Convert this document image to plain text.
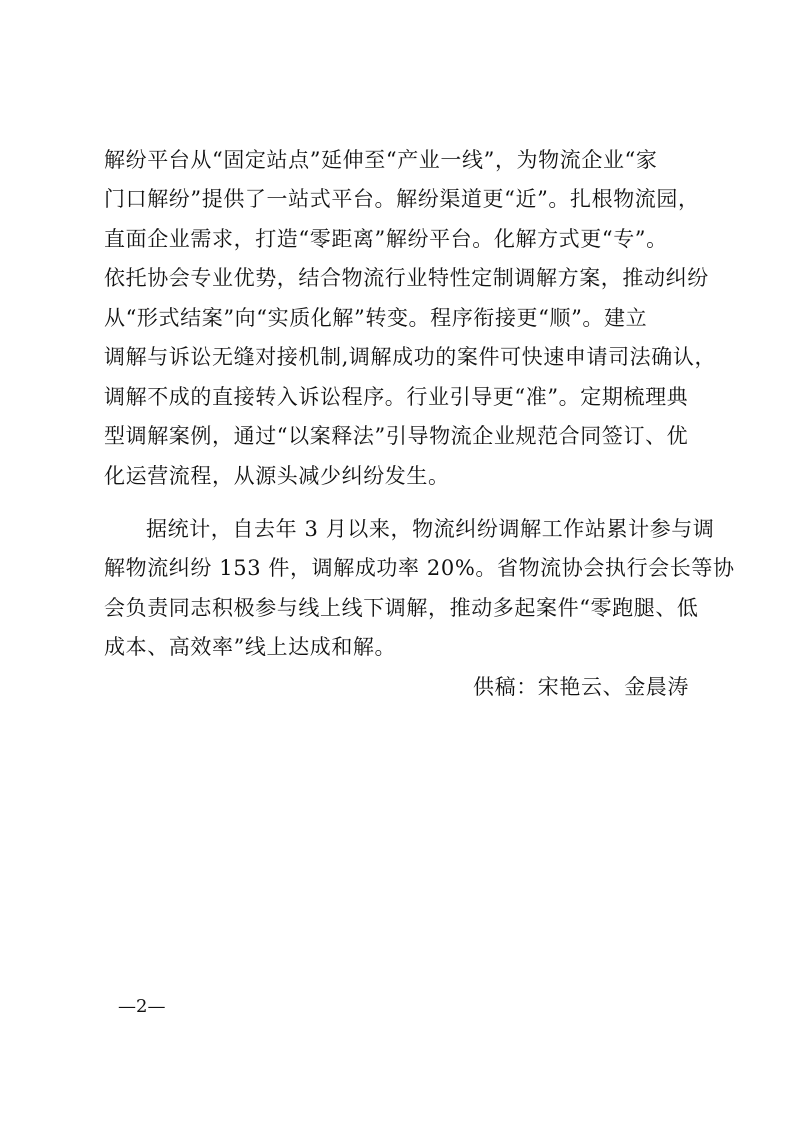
解纷平台从“固定站点”延伸至“产业一线”，为物流企业“家
门口解纷”提供了一站式平台。解纷渠道更“近”。扎根物流园，
直面企业需求，打造“零距离”解纷平台。化解方式更“专”。
依托协会专业优势，结合物流行业特性定制调解方案，推动纠纷
从“形式结案”向“实质化解”转变。程序衔接更“顺”。建立
调解与诉讼无缝对接机制,调解成功的案件可快速申请司法确认，
调解不成的直接转入诉讼程序。行业引导更“准”。定期梳理典
型调解案例，通过“以案释法”引导物流企业规范合同签订、优
化运营流程，从源头减少纠纷发生。
据统计，自去年 3 月以来，物流纠纷调解工作站累计参与调
解物流纠纷 153 件，调解成功率 20%。省物流协会执行会长等协
会负责同志积极参与线上线下调解，推动多起案件“零跑腿、低
成本、高效率”线上达成和解。
供稿：宋艳云、金晨涛
—2—
